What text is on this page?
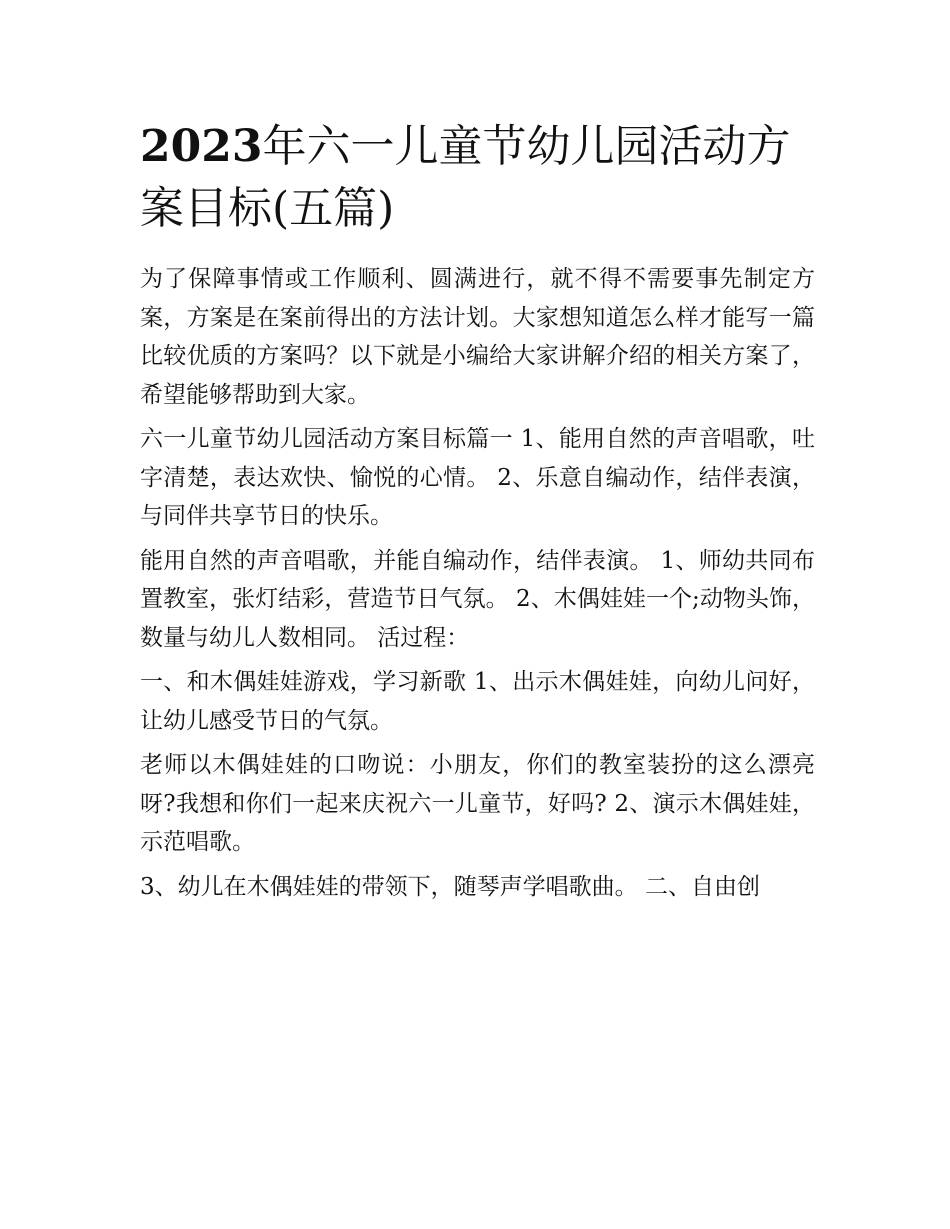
2023年六一儿童节幼儿园活动方案目标(五篇)

为了保障事情或工作顺利、圆满进行，就不得不需要事先制定方案，方案是在案前得出的方法计划。大家想知道怎么样才能写一篇比较优质的方案吗？以下就是小编给大家讲解介绍的相关方案了，希望能够帮助到大家。

六一儿童节幼儿园活动方案目标篇一 1、能用自然的声音唱歌，吐字清楚，表达欢快、愉悦的心情。 2、乐意自编动作，结伴表演，与同伴共享节日的快乐。

能用自然的声音唱歌，并能自编动作，结伴表演。 1、师幼共同布置教室，张灯结彩，营造节日气氛。 2、木偶娃娃一个;动物头饰，数量与幼儿人数相同。 活过程：

一、和木偶娃娃游戏，学习新歌 1、出示木偶娃娃，向幼儿问好，让幼儿感受节日的气氛。

老师以木偶娃娃的口吻说：小朋友，你们的教室装扮的这么漂亮呀?我想和你们一起来庆祝六一儿童节，好吗? 2、演示木偶娃娃，示范唱歌。

3、幼儿在木偶娃娃的带领下，随琴声学唱歌曲。 二、自由创
